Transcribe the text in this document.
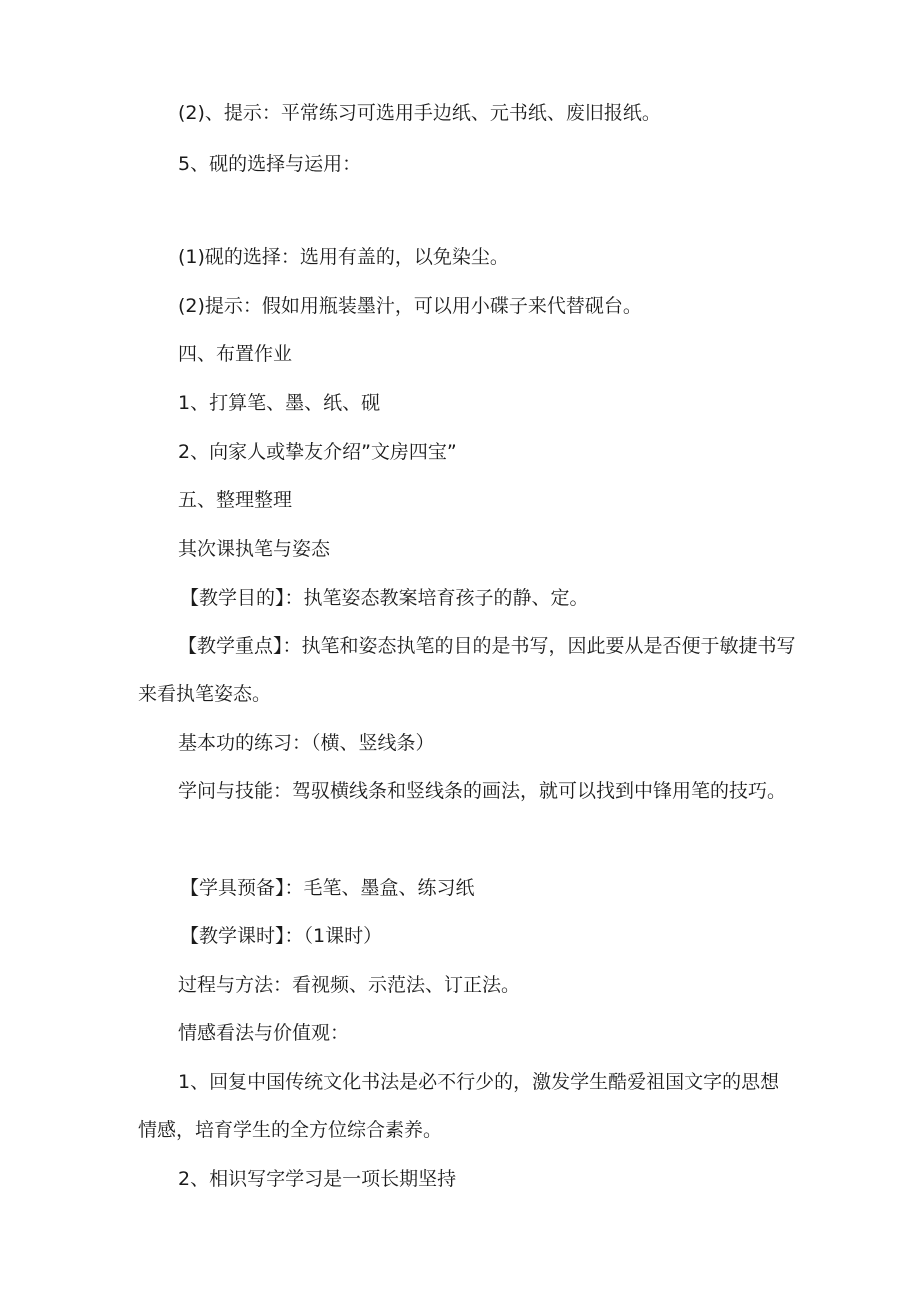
(2)、提示：平常练习可选用手边纸、元书纸、废旧报纸。
5、砚的选择与运用：
(1)砚的选择：选用有盖的，以免染尘。
(2)提示：假如用瓶装墨汁，可以用小碟子来代替砚台。
四、布置作业
1、打算笔、墨、纸、砚
2、向家人或挚友介绍”文房四宝”
五、整理整理
其次课执笔与姿态
【教学目的】：执笔姿态教案培育孩子的静、定。
【教学重点】：执笔和姿态执笔的目的是书写，因此要从是否便于敏捷书写来看执笔姿态。
基本功的练习：（横、竖线条）
学问与技能：驾驭横线条和竖线条的画法，就可以找到中锋用笔的技巧。
【学具预备】：毛笔、墨盒、练习纸
【教学课时】：（1课时）
过程与方法：看视频、示范法、订正法。
情感看法与价值观：
1、回复中国传统文化书法是必不行少的，激发学生酷爱祖国文字的思想情感，培育学生的全方位综合素养。
2、相识写字学习是一项长期坚持
